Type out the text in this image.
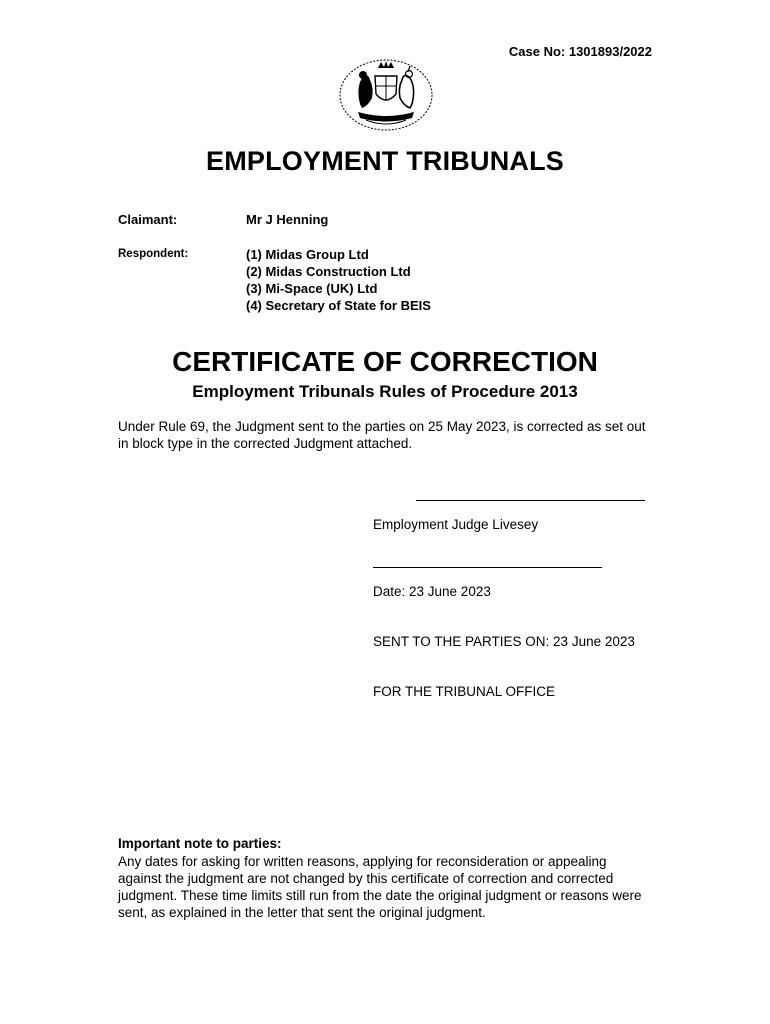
Case No: 1301893/2022
EMPLOYMENT TRIBUNALS
Claimant:	Mr J Henning
Respondent:	(1) Midas Group Ltd
(2) Midas Construction Ltd
(3) Mi-Space (UK) Ltd
(4) Secretary of State for BEIS
CERTIFICATE OF CORRECTION
Employment Tribunals Rules of Procedure 2013
Under Rule 69, the Judgment sent to the parties on 25 May 2023, is corrected as set out in block type in the corrected Judgment attached.
Employment Judge Livesey
Date: 23 June 2023
SENT TO THE PARTIES ON: 23 June 2023
FOR THE TRIBUNAL OFFICE
Important note to parties:
Any dates for asking for written reasons, applying for reconsideration or appealing against the judgment are not changed by this certificate of correction and corrected judgment. These time limits still run from the date the original judgment or reasons were sent, as explained in the letter that sent the original judgment.
